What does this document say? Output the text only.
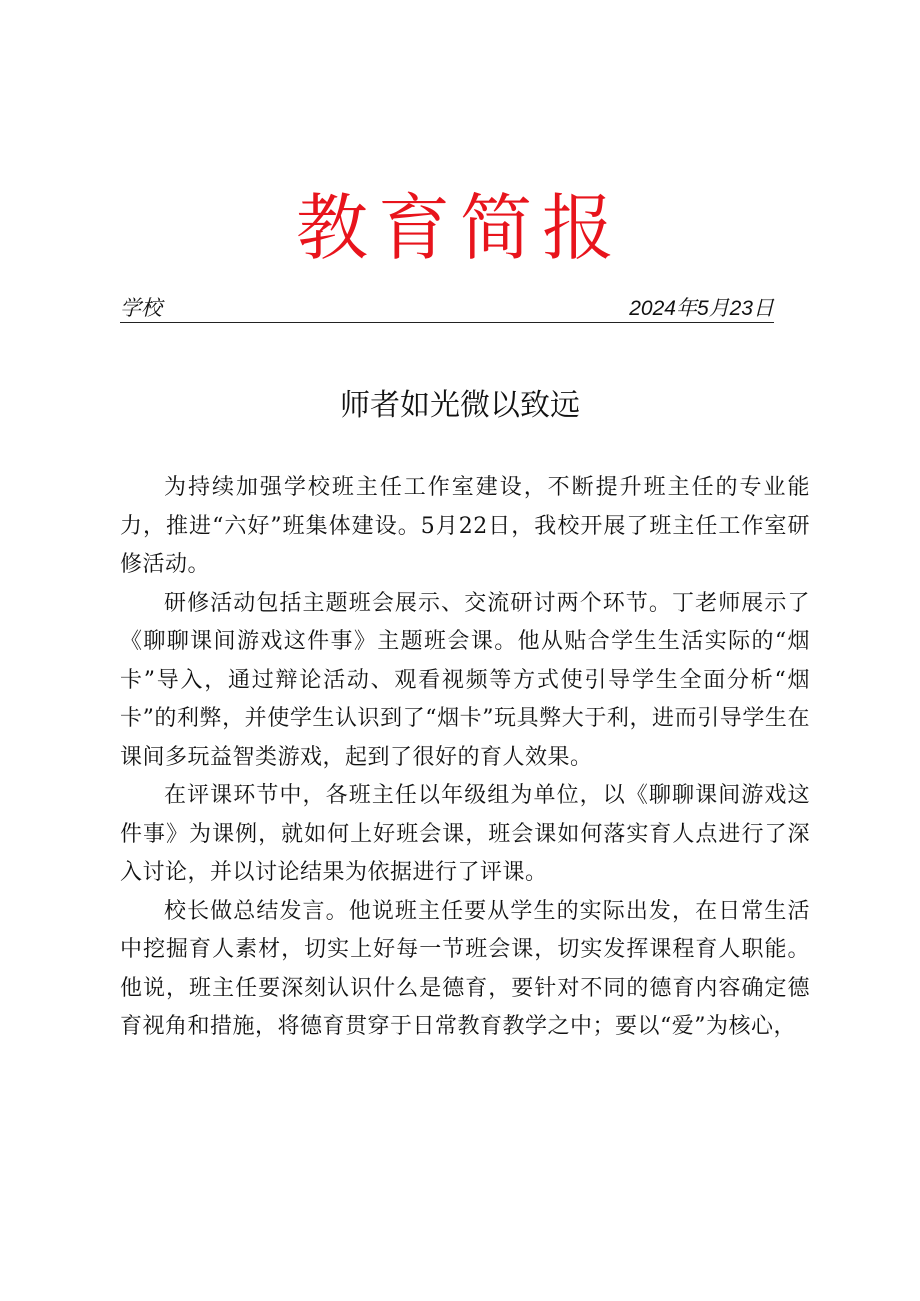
教育简报
学校	2024年5月23日
师者如光微以致远

为持续加强学校班主任工作室建设，不断提升班主任的专业能力，推进“六好”班集体建设。5月22日，我校开展了班主任工作室研修活动。

研修活动包括主题班会展示、交流研讨两个环节。丁老师展示了《聊聊课间游戏这件事》主题班会课。他从贴合学生生活实际的“烟卡”导入，通过辩论活动、观看视频等方式使引导学生全面分析“烟卡”的利弊，并使学生认识到了“烟卡”玩具弊大于利，进而引导学生在课间多玩益智类游戏，起到了很好的育人效果。

在评课环节中，各班主任以年级组为单位，以《聊聊课间游戏这件事》为课例，就如何上好班会课，班会课如何落实育人点进行了深入讨论，并以讨论结果为依据进行了评课。

校长做总结发言。他说班主任要从学生的实际出发，在日常生活中挖掘育人素材，切实上好每一节班会课，切实发挥课程育人职能。他说，班主任要深刻认识什么是德育，要针对不同的德育内容确定德育视角和措施，将德育贯穿于日常教育教学之中；要以“爱”为核心，
